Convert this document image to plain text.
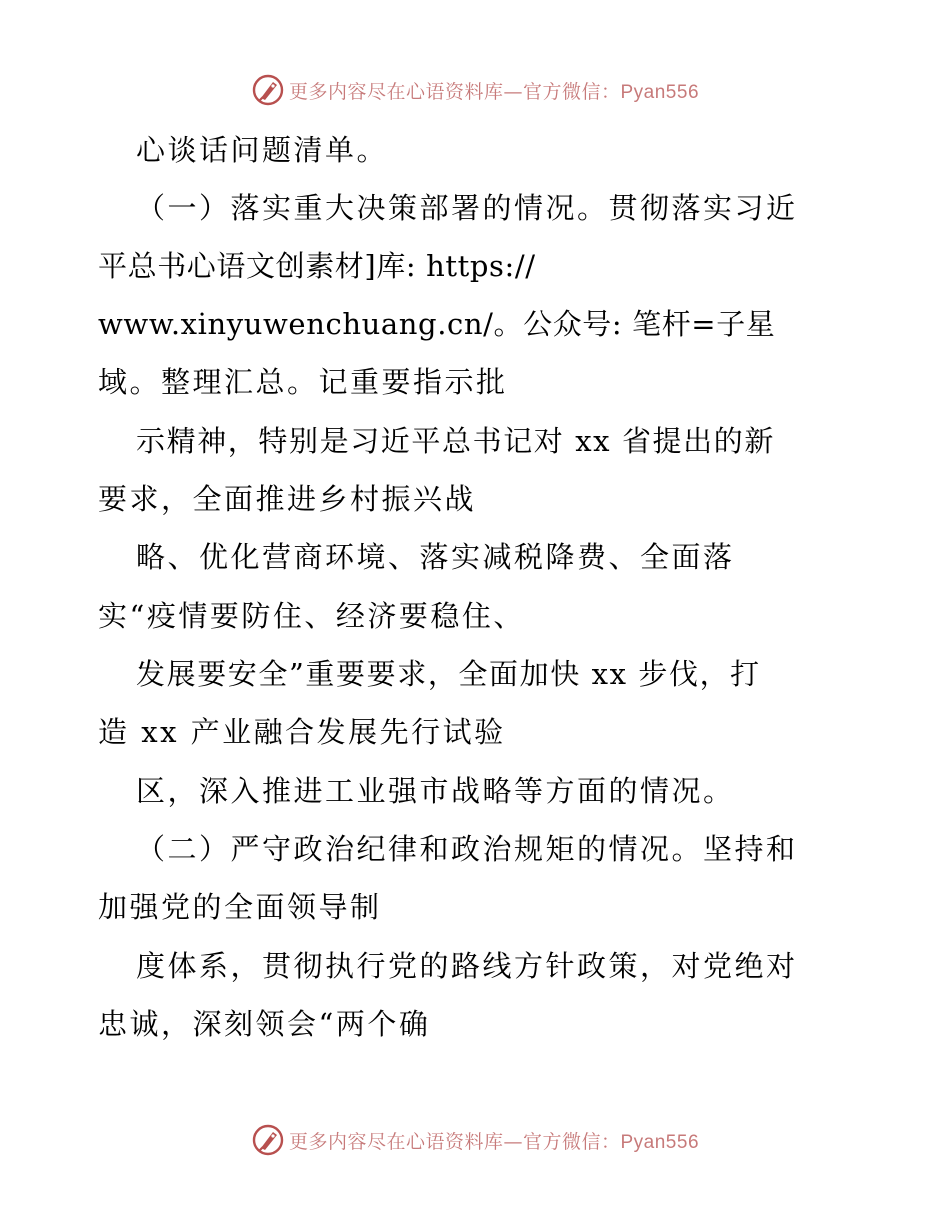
更多内容尽在心语资料库—官方微信：Pyan556
心谈话问题清单。
（一）落实重大决策部署的情况。贯彻落实习近
平总书心语文创素材]库: https://
www.xinyuwenchuang.cn/。公众号: 笔杆=子星
域。整理汇总。记重要指示批
示精神，特别是习近平总书记对 xx 省提出的新
要求，全面推进乡村振兴战
略、优化营商环境、落实减税降费、全面落
实“疫情要防住、经济要稳住、
发展要安全”重要要求，全面加快 xx 步伐，打
造 xx 产业融合发展先行试验
区，深入推进工业强市战略等方面的情况。
（二）严守政治纪律和政治规矩的情况。坚持和
加强党的全面领导制
度体系，贯彻执行党的路线方针政策，对党绝对
忠诚，深刻领会“两个确
更多内容尽在心语资料库—官方微信：Pyan556
